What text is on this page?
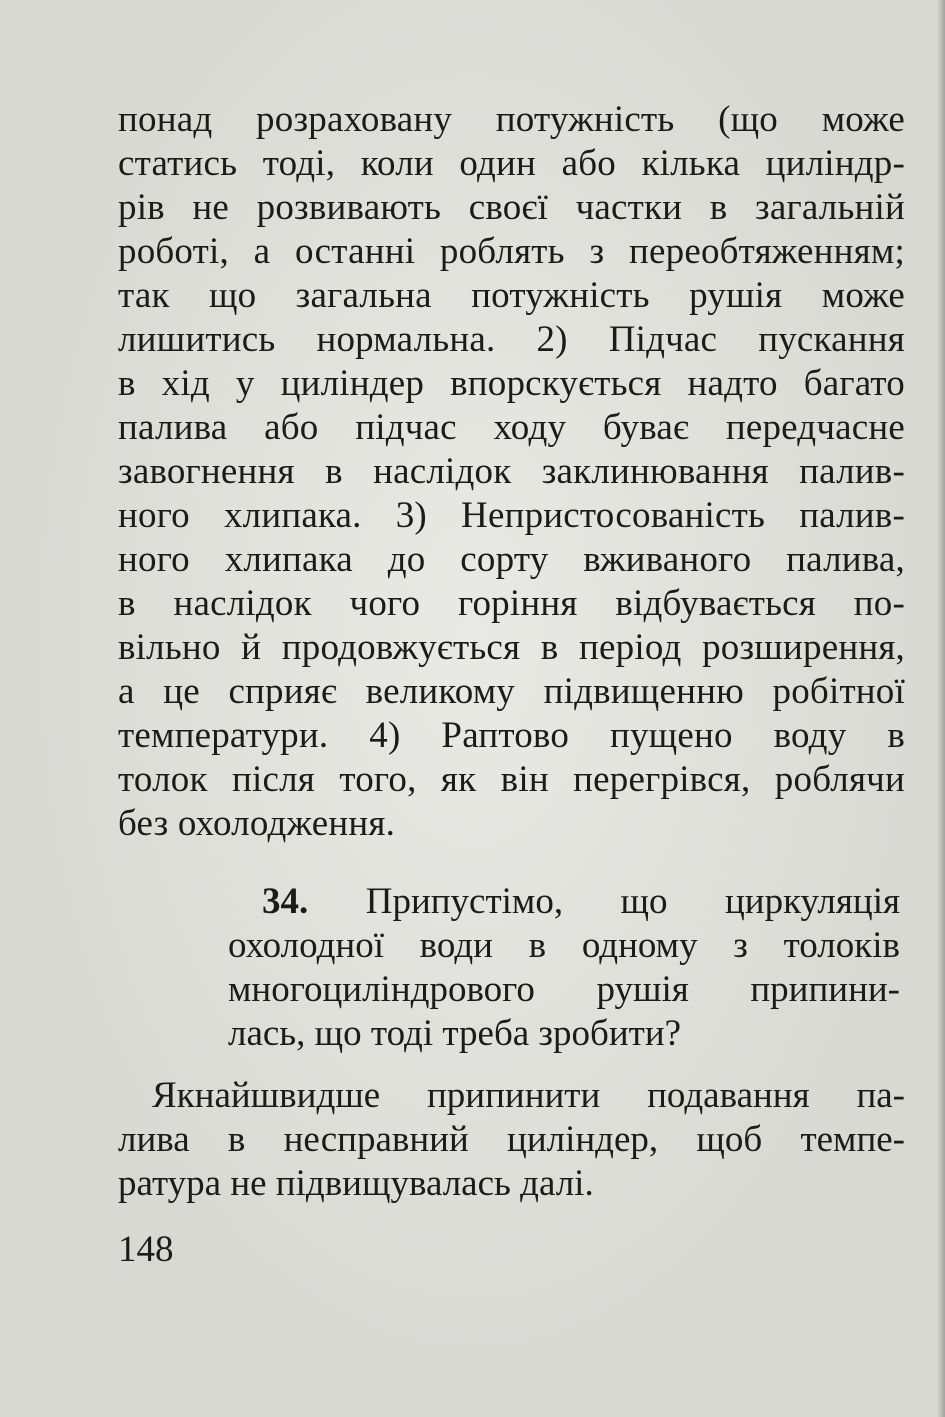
понад розраховану потужність (що може
статись тоді, коли один або кілька циліндр-
рів не розвивають своєї частки в загальній
роботі, а останні роблять з переобтяженням;
так що загальна потужність рушія може
лишитись нормальна. 2) Підчас пускання
в хід у циліндер впорскується надто багато
палива або підчас ходу буває передчасне
завогнення в наслідок заклинювання палив-
ного хлипака. 3) Непристосованість палив-
ного хлипака до сорту вживаного палива,
в наслідок чого горіння відбувається по-
вільно й продовжується в період розширення,
а це сприяє великому підвищенню робітної
температури. 4) Раптово пущено воду в
толок після того, як він перегрівся, роблячи
без охолодження.
34. Припустімо, що циркуляція
охолодної води в одному з толоків
многоциліндрового рушія припини-
лась, що тоді треба зробити?
Якнайшвидше припинити подавання па-
лива в несправний циліндер, щоб темпе-
ратура не підвищувалась далі.
148
